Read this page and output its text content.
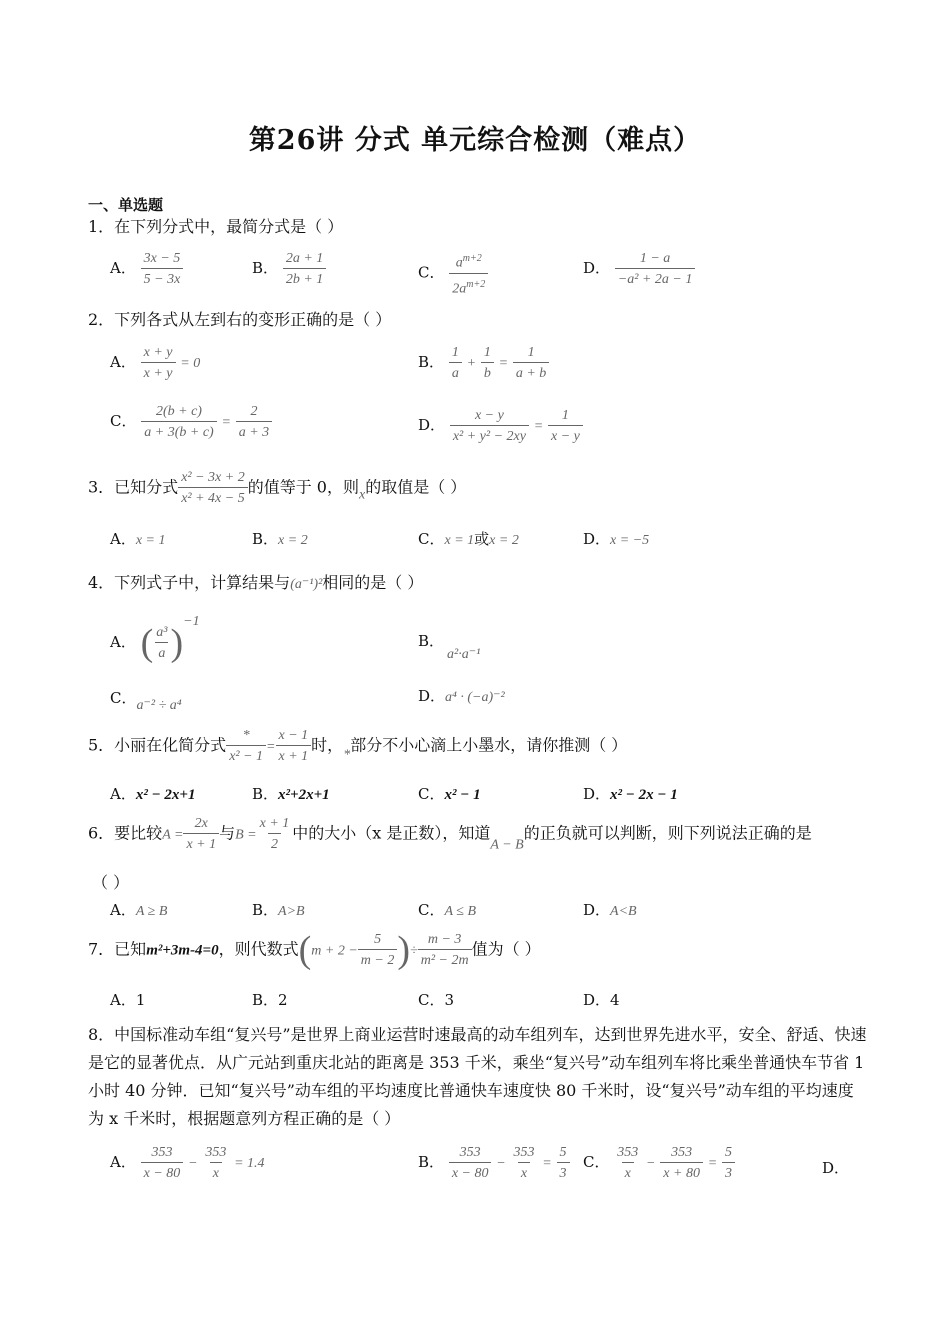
第26讲 分式 单元综合检测（难点）
一、单选题
1．在下列分式中，最简分式是（ ）
A． $\frac{3x - 5}{5 - 3x}$	B． $\frac{2a + 1}{2b + 1}$	C． $\frac{a^{m+2}}{2a^{m+2}}$	D． $\frac{1 - a}{\text{−a² + 2a − 1}}$
2．下列各式从左到右的变形正确的是（ ）
A． $\frac{x + y}{x + y} = 0$	B． $\frac{1}{a} + \frac{1}{b} = \frac{1}{a + b}$
C． $\frac{2(b + c)}{a + 3(b + c)} = \frac{2}{a + 3}$	D． $\frac{x - y}{\text{x² + y² − 2xy}} = \frac{1}{x - y}$
3．已知分式 $\frac{\text{x² − 3x + 2}}{\text{x² + 4x − 5}}$ 的值等于 0，则x的取值是（ ）
A．x = 1	B．x = 2	C．x = 1或x = 2	D．x = −5
4．下列式子中，计算结果与(a⁻¹)²相同的是（ ）
A． ( $\frac{\text{a³}}{a} )^{-1}$
B．
a²·a⁻¹
C．a⁻² ÷ a⁴
D．a⁴ · (−a)⁻²
5．小丽在化简分式 $\frac{*}{\text{x² − 1}} = \frac{x - 1}{x + 1}$ 时，*部分不小心滴上小墨水，请你推测（ ）
A．x² − 2x+1	B．x²+2x+1	C．x² − 1	D．x² − 2x − 1
6．要比较$A = \frac{2x}{x + 1}$ 与$B = \frac{x + 1}{2}$ 中的大小（x 是正数），知道A − B的正负就可以判断，则下列说法正确的是
（ ）
A．A ≥ B	B．A>B	C．A ≤ B	D．A<B
7．已知m²+3m-4=0，则代数式($m + 2 - \frac{5}{m - 2}$ )÷ $\frac{m - 3}{\text{m² − 2m}}$ 值为（ ）
A．1	B．2	C．3	D．4
8．中国标准动车组“复兴号”是世界上商业运营时速最高的动车组列车，达到世界先进水平，安全、舒适、快速是它的显著优点．从广元站到重庆北站的距离是 353 千米，乘坐“复兴号”动车组列车将比乘坐普通快车节省 1 小时 40 分钟．已知“复兴号”动车组的平均速度比普通快车速度快 80 千米时，设“复兴号”动车组的平均速度为 x 千米时，根据题意列方程正确的是（ ）
A． $\frac{353}{x - 80} - \frac{353}{x} = 1.4$	B． $\frac{353}{x - 80} - \frac{353}{x} = \frac{5}{3}$ C． $\frac{353}{x} - \frac{353}{x + 80} = \frac{5}{3}$	D．
